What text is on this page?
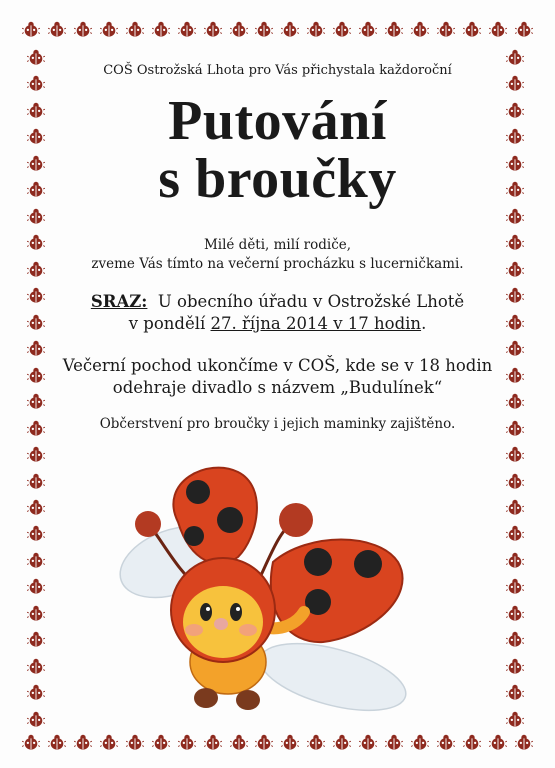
COŠ Ostrožská Lhota pro Vás přichystala každoroční
Putování
s broučky
Milé děti, milí rodiče,
zveme Vás tímto na večerní procházku s lucerničkami.
SRAZ: U obecního úřadu v Ostrožské Lhotě
v pondělí 27. října 2014 v 17 hodin.
Večerní pochod ukončíme v COŠ, kde se v 18 hodin
odehraje divadlo s názvem „Budulínek“
Občerstvení pro broučky i jejich maminky zajištěno.
